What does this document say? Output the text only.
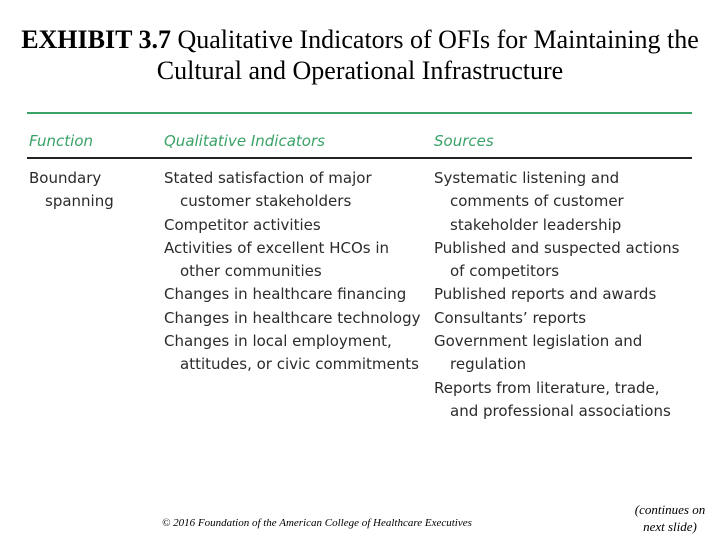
EXHIBIT 3.7 Qualitative Indicators of OFIs for Maintaining the Cultural and Operational Infrastructure
Function	Qualitative Indicators	Sources
Boundary spanning
Stated satisfaction of major customer stakeholders
Competitor activities
Activities of excellent HCOs in other communities
Changes in healthcare financing
Changes in healthcare technology
Changes in local employment, attitudes, or civic commitments
Systematic listening and comments of customer stakeholder leadership
Published and suspected actions of competitors
Published reports and awards
Consultants’ reports
Government legislation and regulation
Reports from literature, trade, and professional associations
© 2016 Foundation of the American College of Healthcare Executives
(continues on next slide)
